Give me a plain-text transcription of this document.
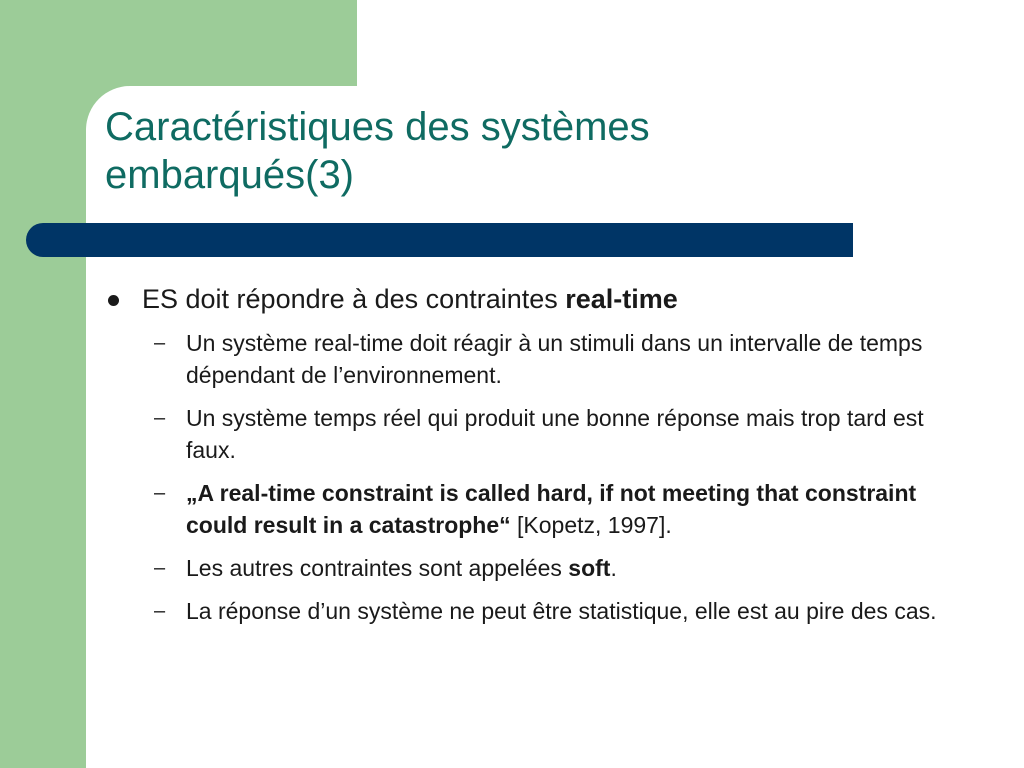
Caractéristiques des systèmes embarqués(3)
ES doit répondre à des contraintes real-time
– Un système real-time doit réagir à un stimuli dans un intervalle de temps dépendant de l’environnement.

– Un système temps réel qui produit une bonne réponse mais trop tard est faux.

– „A real-time constraint is called hard, if not meeting that constraint could result in a catastrophe“ [Kopetz, 1997].

– Les autres contraintes sont appelées soft.

– La réponse d’un système ne peut être statistique, elle est au pire des cas.
